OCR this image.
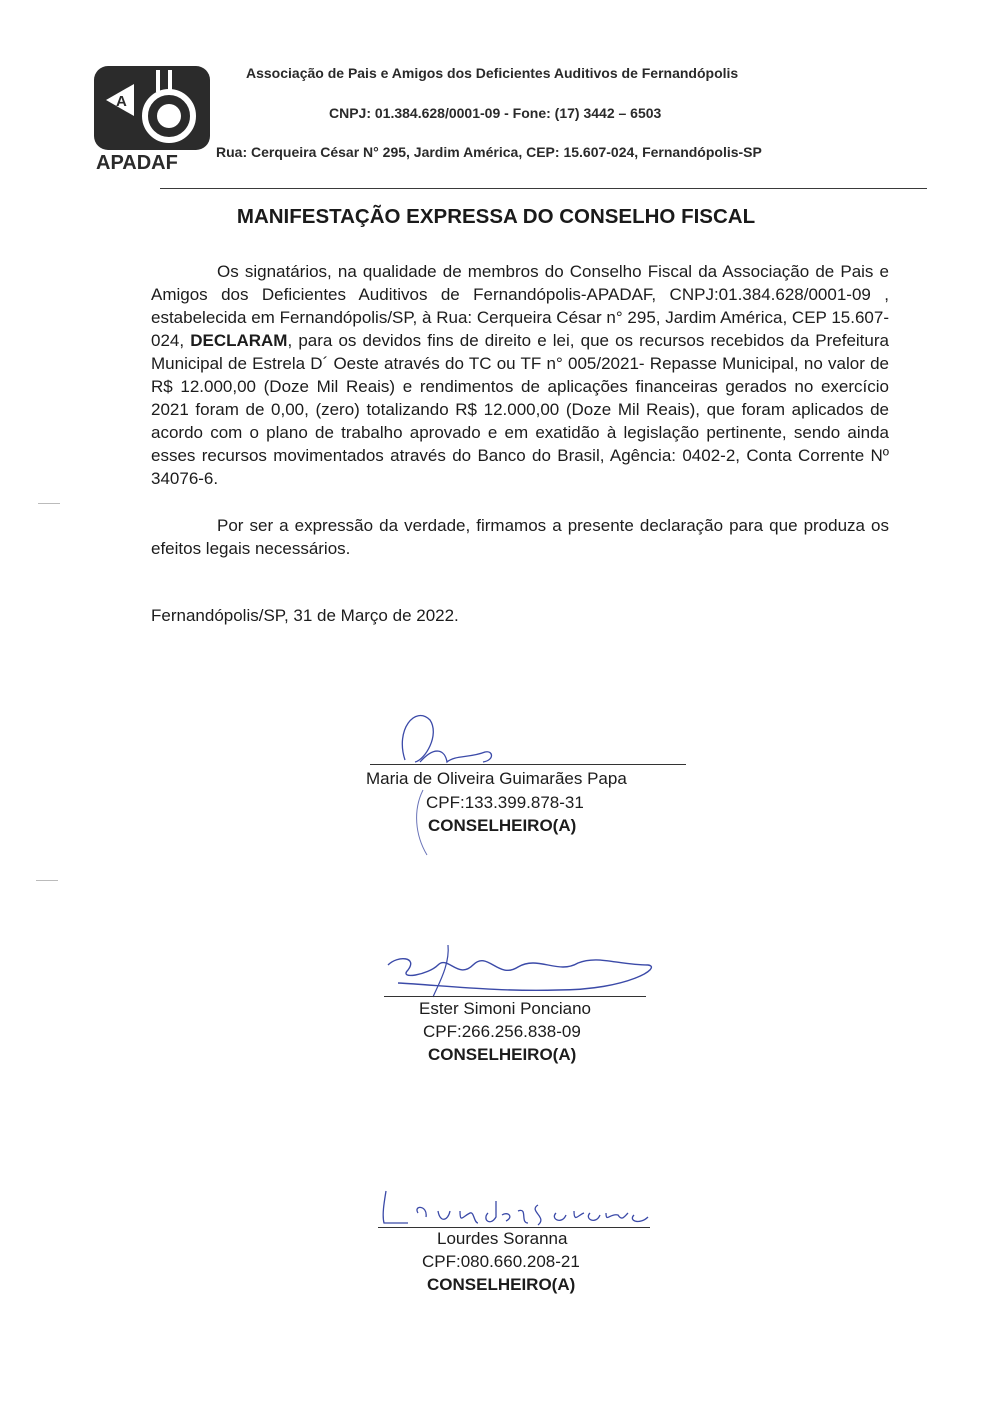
A
APADAF
Associação de Pais e Amigos dos Deficientes Auditivos de Fernandópolis
CNPJ: 01.384.628/0001-09 - Fone: (17) 3442 – 6503
Rua: Cerqueira César N° 295, Jardim América, CEP: 15.607-024, Fernandópolis-SP
MANIFESTAÇÃO EXPRESSA DO CONSELHO FISCAL

Os signatários, na qualidade de membros do Conselho Fiscal da Associação de Pais e Amigos dos Deficientes Auditivos de Fernandópolis-APADAF, CNPJ:01.384.628/0001-09 , estabelecida em Fernandópolis/SP, à Rua: Cerqueira César n° 295, Jardim América, CEP 15.607-024, DECLARAM, para os devidos fins de direito e lei, que os recursos recebidos da Prefeitura Municipal de Estrela D´ Oeste através do TC ou TF n° 005/2021- Repasse Municipal, no valor de R$ 12.000,00 (Doze Mil Reais) e rendimentos de aplicações financeiras gerados no exercício 2021 foram de 0,00, (zero) totalizando R$ 12.000,00 (Doze Mil Reais), que foram aplicados de acordo com o plano de trabalho aprovado e em exatidão à legislação pertinente, sendo ainda esses recursos movimentados através do Banco do Brasil, Agência: 0402-2, Conta Corrente Nº 34076-6.

Por ser a expressão da verdade, firmamos a presente declaração para que produza os efeitos legais necessários.

Fernandópolis/SP, 31 de Março de 2022.
Maria de Oliveira Guimarães Papa
CPF:133.399.878-31
CONSELHEIRO(A)
Ester Simoni Ponciano
CPF:266.256.838-09
CONSELHEIRO(A)
Lourdes Soranna
CPF:080.660.208-21
CONSELHEIRO(A)
